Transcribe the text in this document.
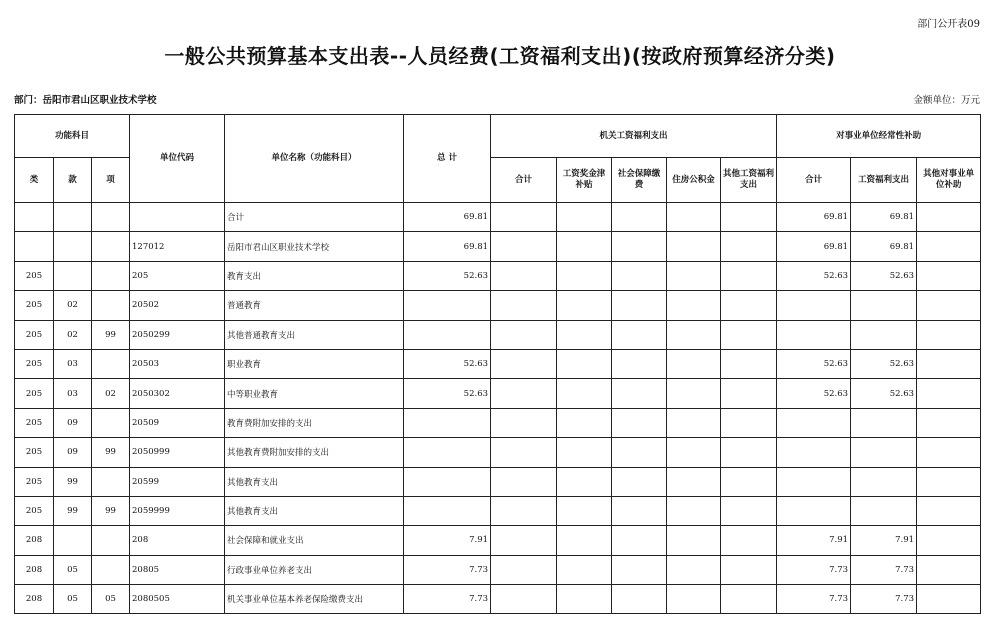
部门公开表09
一般公共预算基本支出表--人员经费(工资福利支出)(按政府预算经济分类)
部门：岳阳市君山区职业技术学校	金额单位：万元
功能科目			单位代码	单位名称（功能科目）	总 计	机关工资福利支出					对事业单位经常性补助		
类	款	项				合计	工资奖金津补贴	社会保障缴费	住房公积金	其他工资福利支出	合计	工资福利支出	其他对事业单位补助
				合计	69.81						69.81	69.81	
			127012	岳阳市君山区职业技术学校	69.81						69.81	69.81	
205			205	教育支出	52.63						52.63	52.63	
205	02		20502	普通教育									
205	02	99	2050299	其他普通教育支出									
205	03		20503	职业教育	52.63						52.63	52.63	
205	03	02	2050302	中等职业教育	52.63						52.63	52.63	
205	09		20509	教育费附加安排的支出									
205	09	99	2050999	其他教育费附加安排的支出									
205	99		20599	其他教育支出									
205	99	99	2059999	其他教育支出									
208			208	社会保障和就业支出	7.91						7.91	7.91	
208	05		20805	行政事业单位养老支出	7.73						7.73	7.73	
208	05	05	2080505	机关事业单位基本养老保险缴费支出	7.73						7.73	7.73	
